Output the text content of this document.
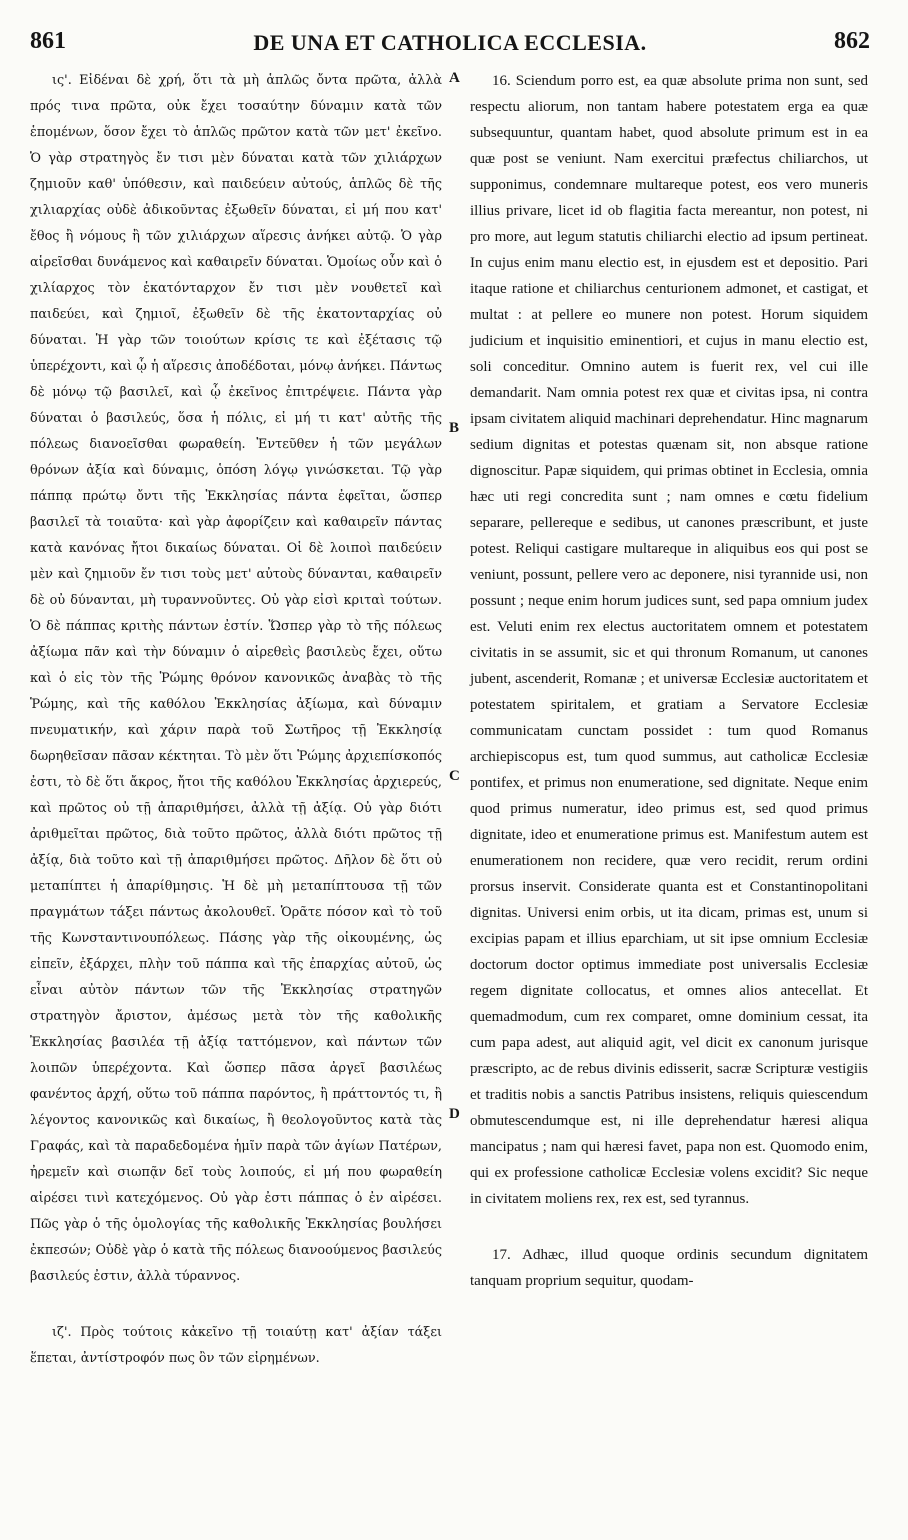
861	DE UNA ET CATHOLICA ECCLESIA.	862

ις'. Εἰδέναι δὲ χρή, ὅτι τὰ μὴ ἁπλῶς ὄντα πρῶτα, ἀλλὰ πρός τινα πρῶτα, οὐκ ἔχει τοσαύτην δύναμιν κατὰ τῶν ἑπομένων, ὅσον ἔχει τὸ ἁπλῶς πρῶτον κατὰ τῶν μετ' ἐκεῖνο. Ὁ γὰρ στρατηγὸς ἔν τισι μὲν δύναται κατὰ τῶν χιλιάρχων ζημιοῦν καθ' ὑπόθεσιν, καὶ παιδεύειν αὐτούς, ἁπλῶς δὲ τῆς χιλιαρχίας οὐδὲ ἀδικοῦντας ἐξωθεῖν δύναται, εἰ μή που κατ' ἔθος ἢ νόμους ἢ τῶν χιλιάρχων αἵρεσις ἀνήκει αὐτῷ. Ὁ γὰρ αἱρεῖσθαι δυνάμενος καὶ καθαιρεῖν δύναται. Ὁμοίως οὖν καὶ ὁ χιλίαρχος τὸν ἑκατόνταρχον ἔν τισι μὲν νουθετεῖ καὶ παιδεύει, καὶ ζημιοῖ, ἐξωθεῖν δὲ τῆς ἑκατονταρχίας οὐ δύναται. Ἡ γὰρ τῶν τοιούτων κρίσις τε καὶ ἐξέτασις τῷ ὑπερέχοντι, καὶ ᾧ ἡ αἵρεσις ἀποδέδοται, μόνῳ ἀνήκει. Πάντως δὲ μόνῳ τῷ βασιλεῖ, καὶ ᾧ ἐκεῖνος ἐπιτρέψειε. Πάντα γὰρ δύναται ὁ βασιλεύς, ὅσα ἡ πόλις, εἰ μή τι κατ' αὐτῆς τῆς πόλεως διανοεῖσθαι φωραθείη. Ἐντεῦθεν ἡ τῶν μεγάλων θρόνων ἀξία καὶ δύναμις, ὁπόση λόγῳ γινώσκεται. Τῷ γὰρ πάππᾳ πρώτῳ ὄντι τῆς Ἐκκλησίας πάντα ἐφεῖται, ὥσπερ βασιλεῖ τὰ τοιαῦτα· καὶ γὰρ ἀφορίζειν καὶ καθαιρεῖν πάντας κατὰ κανόνας ἤτοι δικαίως δύναται. Οἱ δὲ λοιποὶ παιδεύειν μὲν καὶ ζημιοῦν ἔν τισι τοὺς μετ' αὐτοὺς δύνανται, καθαιρεῖν δὲ οὐ δύνανται, μὴ τυραννοῦντες. Οὐ γὰρ εἰσὶ κριταὶ τούτων. Ὁ δὲ πάππας κριτὴς πάντων ἐστίν. Ὥσπερ γὰρ τὸ τῆς πόλεως ἀξίωμα πᾶν καὶ τὴν δύναμιν ὁ αἱρεθεὶς βασιλεὺς ἔχει, οὕτω καὶ ὁ εἰς τὸν τῆς Ῥώμης θρόνον κανονικῶς ἀναβὰς τὸ τῆς Ῥώμης, καὶ τῆς καθόλου Ἐκκλησίας ἀξίωμα, καὶ δύναμιν πνευματικήν, καὶ χάριν παρὰ τοῦ Σωτῆρος τῇ Ἐκκλησίᾳ δωρηθεῖσαν πᾶσαν κέκτηται. Τὸ μὲν ὅτι Ῥώμης ἀρχιεπίσκοπός ἐστι, τὸ δὲ ὅτι ἄκρος, ἤτοι τῆς καθόλου Ἐκκλησίας ἀρχιερεύς, καὶ πρῶτος οὐ τῇ ἀπαριθμήσει, ἀλλὰ τῇ ἀξίᾳ. Οὐ γὰρ διότι ἀριθμεῖται πρῶτος, διὰ τοῦτο πρῶτος, ἀλλὰ διότι πρῶτος τῇ ἀξίᾳ, διὰ τοῦτο καὶ τῇ ἀπαριθμήσει πρῶτος. Δῆλον δὲ ὅτι οὐ μεταπίπτει ἡ ἀπαρίθμησις. Ἡ δὲ μὴ μεταπίπτουσα τῇ τῶν πραγμάτων τάξει πάντως ἀκολουθεῖ. Ὁρᾶτε πόσον καὶ τὸ τοῦ τῆς Κωνσταντινουπόλεως. Πάσης γὰρ τῆς οἰκουμένης, ὡς εἰπεῖν, ἐξάρχει, πλὴν τοῦ πάππα καὶ τῆς ἐπαρχίας αὐτοῦ, ὡς εἶναι αὐτὸν πάντων τῶν τῆς Ἐκκλησίας στρατηγῶν στρατηγὸν ἄριστον, ἀμέσως μετὰ τὸν τῆς καθολικῆς Ἐκκλησίας βασιλέα τῇ ἀξίᾳ ταττόμενον, καὶ πάντων τῶν λοιπῶν ὑπερέχοντα. Καὶ ὥσπερ πᾶσα ἀργεῖ βασιλέως φανέντος ἀρχή, οὕτω τοῦ πάππα παρόντος, ἢ πράττοντός τι, ἢ λέγοντος κανονικῶς καὶ δικαίως, ἢ θεολογοῦντος κατὰ τὰς Γραφάς, καὶ τὰ παραδεδομένα ἡμῖν παρὰ τῶν ἁγίων Πατέρων, ἠρεμεῖν καὶ σιωπᾷν δεῖ τοὺς λοιπούς, εἰ μή που φωραθείη αἱρέσει τινὶ κατεχόμενος. Οὐ γὰρ ἐστι πάππας ὁ ἐν αἱρέσει. Πῶς γὰρ ὁ τῆς ὁμολογίας τῆς καθολικῆς Ἐκκλησίας βουλήσει ἐκπεσών; Οὐδὲ γὰρ ὁ κατὰ τῆς πόλεως διανοούμενος βασιλεύς βασιλεύς ἐστιν, ἀλλὰ τύραννος.

ιζ'. Πρὸς τούτοις κἀκεῖνο τῇ τοιαύτῃ κατ' ἀξίαν τάξει ἕπεται, ἀντίστροφόν πως ὂν τῶν εἰρημένων.

A
B
C
D

16. Sciendum porro est, ea quæ absolute prima non sunt, sed respectu aliorum, non tantam habere potestatem erga ea quæ subsequuntur, quantam habet, quod absolute primum est in ea quæ post se veniunt. Nam exercitui præfectus chiliarchos, ut supponimus, condemnare multareque potest, eos vero muneris illius privare, licet id ob flagitia facta mereantur, non potest, ni pro more, aut legum statutis chiliarchi electio ad ipsum pertineat. In cujus enim manu electio est, in ejusdem est et depositio. Pari itaque ratione et chiliarchus centurionem admonet, et castigat, et multat : at pellere eo munere non potest. Horum siquidem judicium et inquisitio eminentiori, et cujus in manu electio est, soli conceditur. Omnino autem is fuerit rex, vel cui ille demandarit. Nam omnia potest rex quæ et civitas ipsa, ni contra ipsam civitatem aliquid machinari deprehendatur. Hinc magnarum sedium dignitas et potestas quænam sit, non absque ratione dignoscitur. Papæ siquidem, qui primas obtinet in Ecclesia, omnia hæc uti regi concredita sunt ; nam omnes e cœtu fidelium separare, pellereque e sedibus, ut canones præscribunt, et juste potest. Reliqui castigare multareque in aliquibus eos qui post se veniunt, possunt, pellere vero ac deponere, nisi tyrannide usi, non possunt ; neque enim horum judices sunt, sed papa omnium judex est. Veluti enim rex electus auctoritatem omnem et potestatem civitatis in se assumit, sic et qui thronum Romanum, ut canones jubent, ascenderit, Romanæ ; et universæ Ecclesiæ auctoritatem et potestatem spiritalem, et gratiam a Servatore Ecclesiæ communicatam cunctam possidet : tum quod Romanus archiepiscopus est, tum quod summus, aut catholicæ Ecclesiæ pontifex, et primus non enumeratione, sed dignitate. Neque enim quod primus numeratur, ideo primus est, sed quod primus dignitate, ideo et enumeratione primus est. Manifestum autem est enumerationem non recidere, quæ vero recidit, rerum ordini prorsus inservit. Considerate quanta est et Constantinopolitani dignitas. Universi enim orbis, ut ita dicam, primas est, unum si excipias papam et illius eparchiam, ut sit ipse omnium Ecclesiæ doctorum doctor optimus immediate post universalis Ecclesiæ regem dignitate collocatus, et omnes alios antecellat. Et quemadmodum, cum rex comparet, omne dominium cessat, ita cum papa adest, aut aliquid agit, vel dicit ex canonum jurisque præscripto, ac de rebus divinis edisserit, sacræ Scripturæ vestigiis et traditis nobis a sanctis Patribus insistens, reliquis quiescendum obmutescendumque est, ni ille deprehendatur hæresi aliqua mancipatus ; nam qui hæresi favet, papa non est. Quomodo enim, qui ex professione catholicæ Ecclesiæ volens excidit? Sic neque in civitatem moliens rex, rex est, sed tyrannus.

17. Adhæc, illud quoque ordinis secundum dignitatem tanquam proprium sequitur, quodam-
